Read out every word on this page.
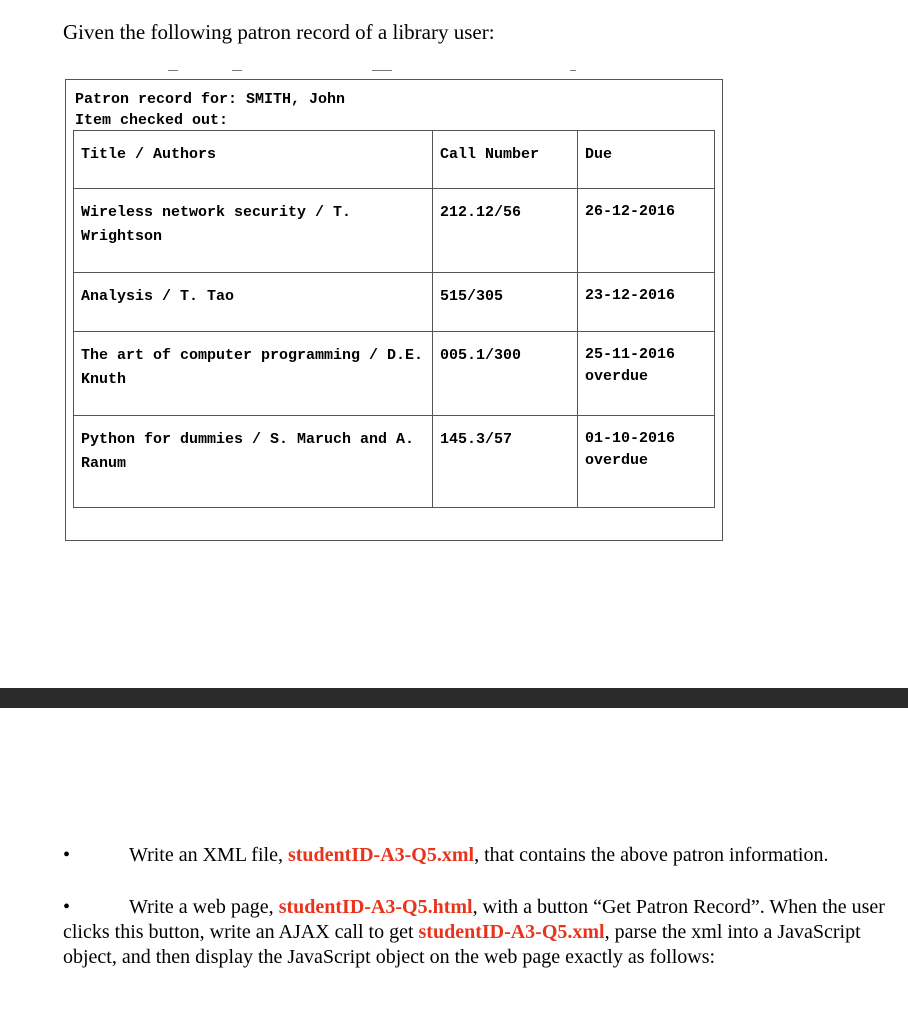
Given the following patron record of a library user:

Patron record for: SMITH, John
Item checked out:
Title / Authors	Call Number	Due
Wireless network security / T. Wrightson	212.12/56	26-12-2016

Analysis / T. Tao	515/305	23-12-2016

The art of computer programming / D.E. Knuth	005.1/300	25-11-2016
overdue

Python for dummies / S. Maruch and A. Ranum	145.3/57	01-10-2016
overdue
•	Write an XML file, studentID-A3-Q5.xml, that contains the above patron information.
•	Write a web page, studentID-A3-Q5.html, with a button “Get Patron Record”. When the user clicks this button, write an AJAX call to get studentID-A3-Q5.xml, parse the xml into a JavaScript object, and then display the JavaScript object on the web page exactly as follows:
